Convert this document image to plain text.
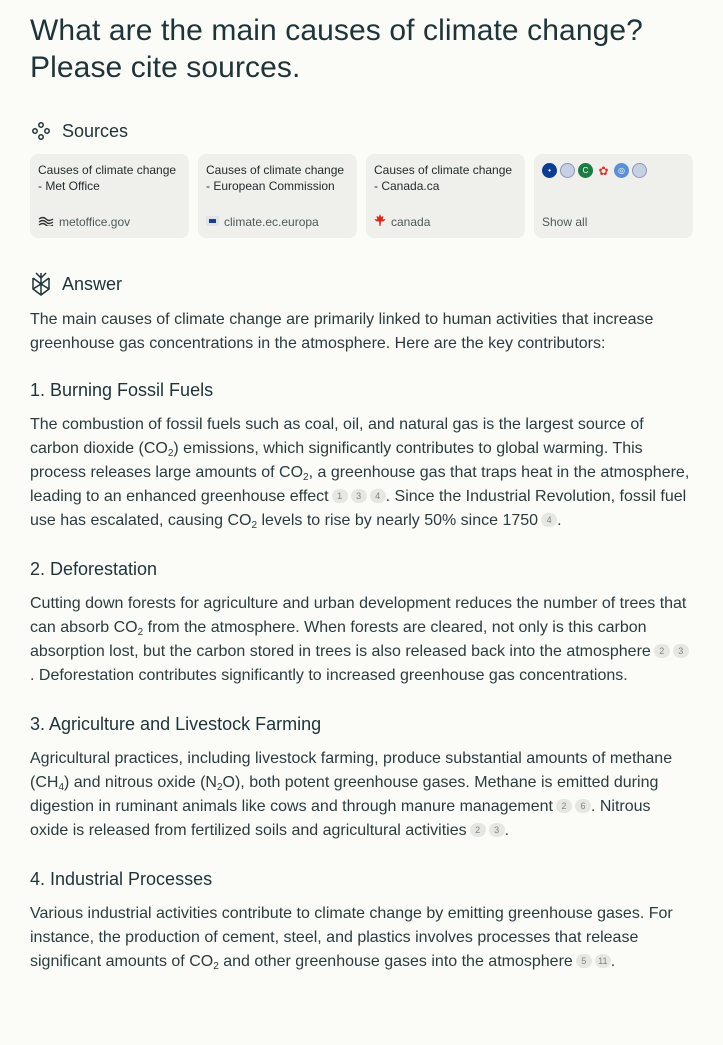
What are the main causes of climate change?
Please cite sources.
Sources
Causes of climate change - Met Office
metoffice.gov
Causes of climate change - European Commission
climate.ec.europa
Causes of climate change - Canada.ca
canada
•	C ✿	◎
Show all
Answer

The main causes of climate change are primarily linked to human activities that increase greenhouse gas concentrations in the atmosphere. Here are the key contributors:

1. Burning Fossil Fuels

The combustion of fossil fuels such as coal, oil, and natural gas is the largest source of carbon dioxide $(CO_2)$ emissions, which significantly contributes to global warming. This process releases large amounts of $CO_2$, a greenhouse gas that traps heat in the atmosphere, leading to an enhanced greenhouse effect 1 3 4 . Since the Industrial Revolution, fossil fuel use has escalated, causing $CO_2$ levels to rise by nearly 50% since 1750 4 .

2. Deforestation

Cutting down forests for agriculture and urban development reduces the number of trees that can absorb $CO_2$ from the atmosphere. When forests are cleared, not only is this carbon absorption lost, but the carbon stored in trees is also released back into the atmosphere 2 3. Deforestation contributes significantly to increased greenhouse gas concentrations.

3. Agriculture and Livestock Farming

Agricultural practices, including livestock farming, produce substantial amounts of methane $(CH_4)$ and nitrous oxide $(N_2O)$, both potent greenhouse gases. Methane is emitted during digestion in ruminant animals like cows and through manure management 2 6 . Nitrous oxide is released from fertilized soils and agricultural activities 2 3 .

4. Industrial Processes

Various industrial activities contribute to climate change by emitting greenhouse gases. For instance, the production of cement, steel, and plastics involves processes that release significant amounts of $CO_2$ and other greenhouse gases into the atmosphere 5 11 .
